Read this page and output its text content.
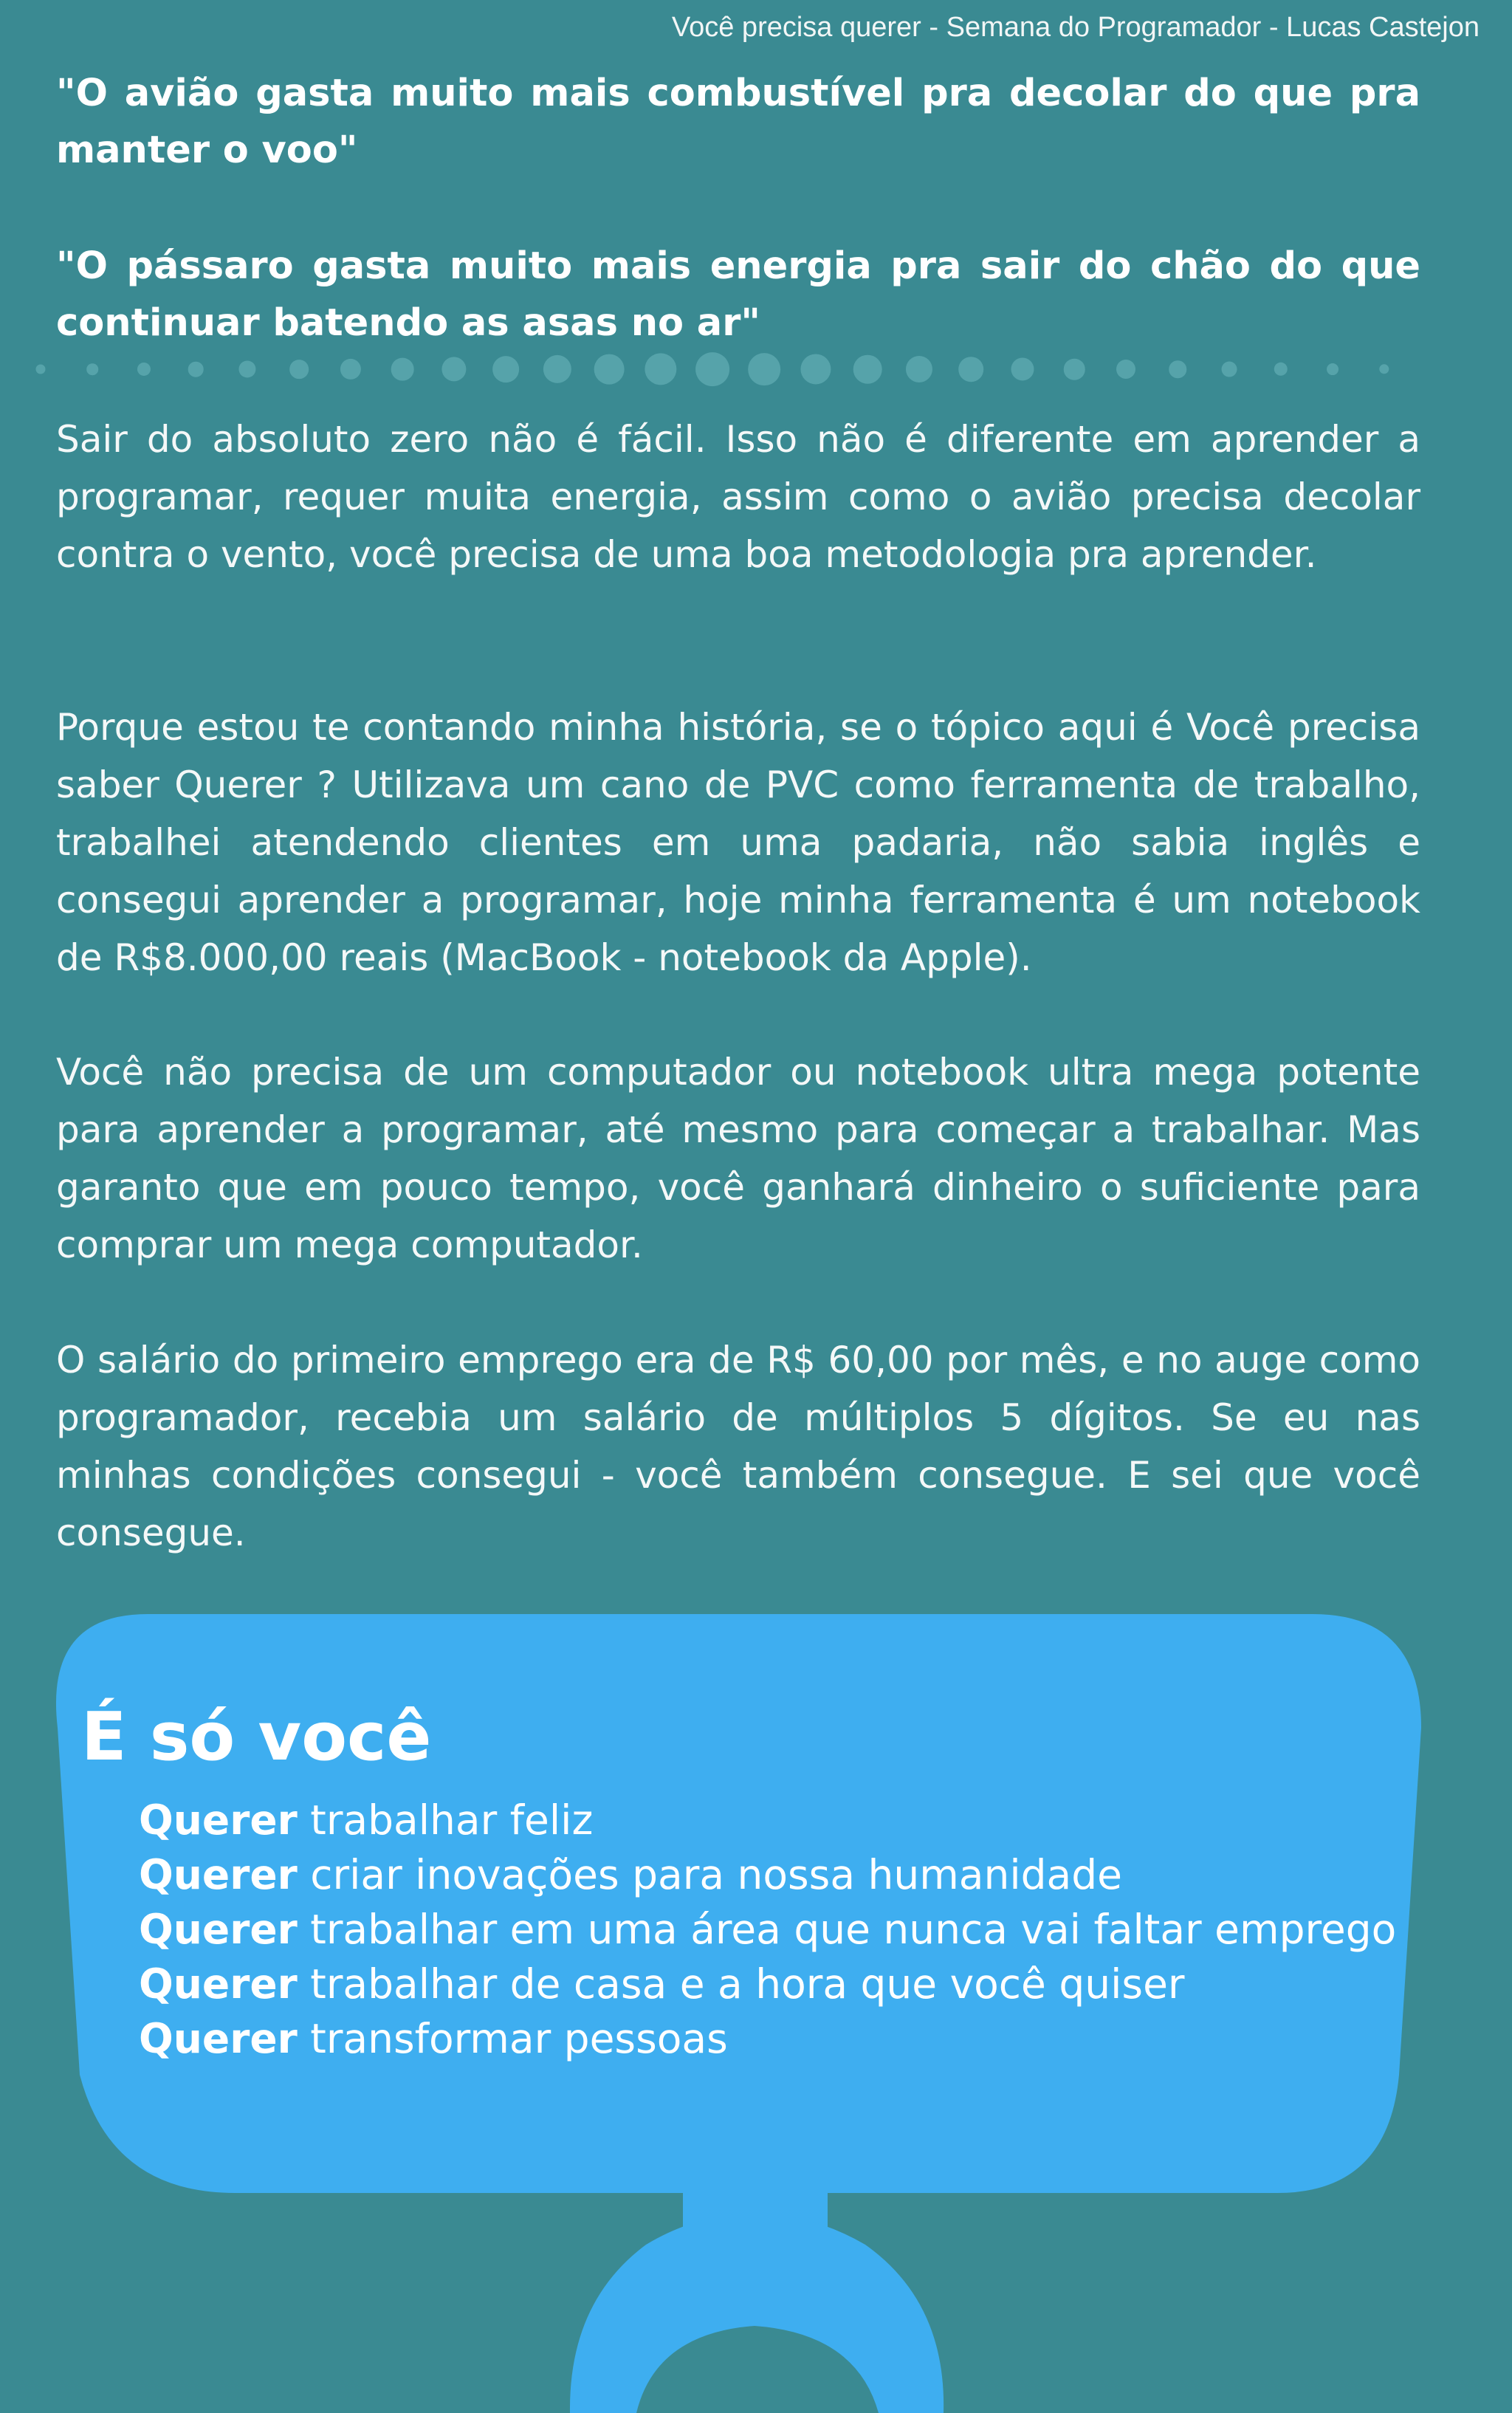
Você precisa querer - Semana do Programador - Lucas Castejon

"O avião gasta muito mais combustível pra decolar do que pra manter o voo"

"O pássaro gasta muito mais energia pra sair do chão do que continuar batendo as asas no ar"

Sair do absoluto zero não é fácil. Isso não é diferente em aprender a programar, requer muita energia, assim como o avião precisa decolar contra o vento, você precisa de uma boa metodologia pra aprender.

Porque estou te contando minha história, se o tópico aqui é Você precisa saber Querer ? Utilizava um cano de PVC como ferramenta de trabalho, trabalhei atendendo clientes em uma padaria, não sabia inglês e consegui aprender a programar, hoje minha ferramenta é um notebook de R$8.000,00 reais (MacBook - notebook da Apple).

Você não precisa de um computador ou notebook ultra mega potente para aprender a programar, até mesmo para começar a trabalhar. Mas garanto que em pouco tempo, você ganhará dinheiro o suficiente para comprar um mega computador.

O salário do primeiro emprego era de R$ 60,00 por mês, e no auge como programador, recebia um salário de múltiplos 5 dígitos. Se eu nas minhas condições consegui - você também consegue. E sei que você consegue.

É só você
Querer trabalhar feliz
Querer criar inovações para nossa humanidade
Querer trabalhar em uma área que nunca vai faltar emprego
Querer trabalhar de casa e a hora que você quiser
Querer transformar pessoas
